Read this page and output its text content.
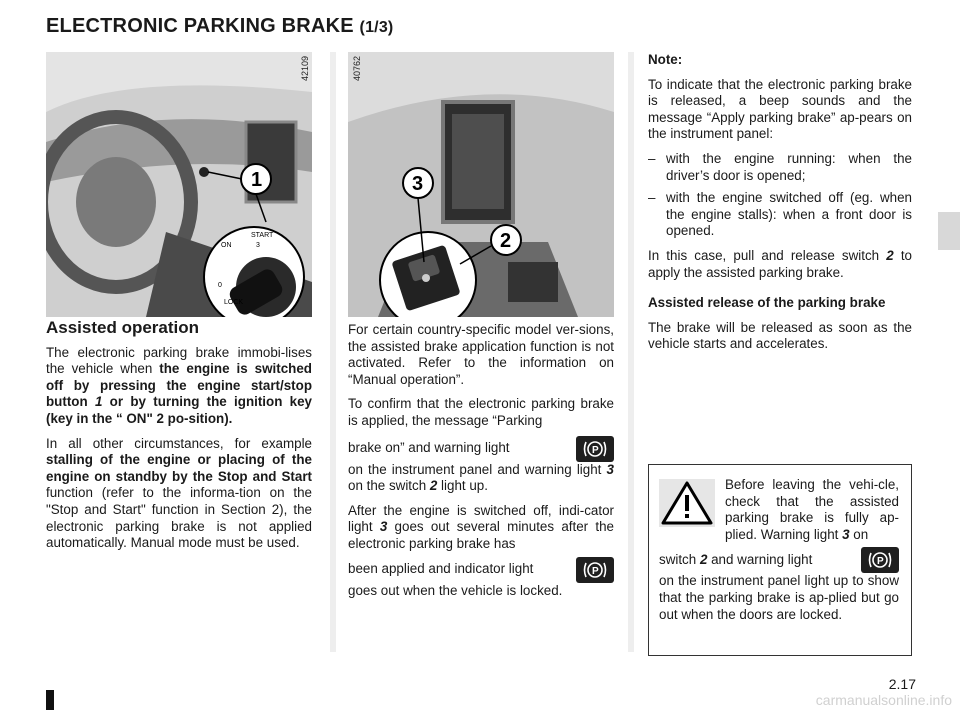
ELECTRONIC PARKING BRAKE (1/3)
1
ON
START
3
0
LOCK
42109
3
2
40762
Assisted operation

The electronic parking brake immobi-lises the vehicle when the engine is switched off by pressing the engine start/stop button 1 or by turning the ignition key (key in the “ ON" 2 po-sition).

In all other circumstances, for example stalling of the engine or placing of the engine on standby by the Stop and Start function (refer to the informa-tion on the "Stop and Start" function in Section 2), the electronic parking brake is not applied automatically. Manual mode must be used.

For certain country-specific model ver-sions, the assisted brake application function is not activated. Refer to the information on “Manual operation”.

To confirm that the electronic parking brake is applied, the message “Parking

brake on” and warning light	P

on the instrument panel and warning light 3 on the switch 2 light up.

After the engine is switched off, indi-cator light 3 goes out several minutes after the electronic parking brake has

been applied and indicator light	P

goes out when the vehicle is locked.

Note:

To indicate that the electronic parking brake is released, a beep sounds and the message “Apply parking brake” ap-pears on the instrument panel:

– with the engine running: when the driver’s door is opened;
– with the engine switched off (eg. when the engine stalls): when a front door is opened.

In this case, pull and release switch 2 to apply the assisted parking brake.

Assisted release of the parking brake

The brake will be released as soon as the vehicle starts and accelerates.

Before leaving the vehi-cle, check that the assisted parking brake is fully ap-plied. Warning light 3 on
switch 2 and warning light	P
on the instrument panel light up to show that the parking brake is ap-plied but go out when the doors are locked.
2.17
carmanualsonline.info
